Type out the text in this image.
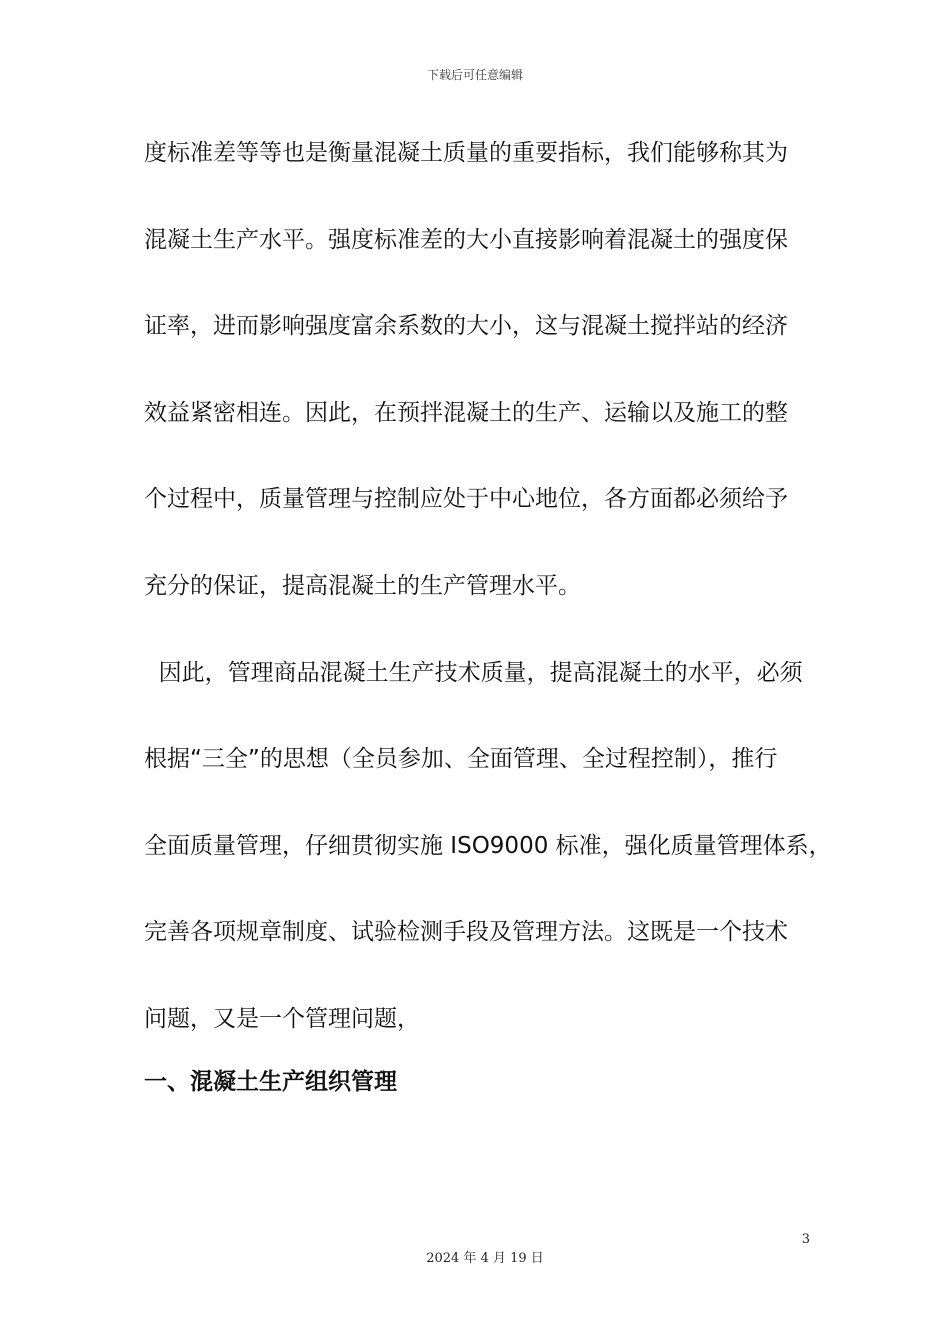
下载后可任意编辑
度标准差等等也是衡量混凝土质量的重要指标，我们能够称其为
混凝土生产水平。强度标准差的大小直接影响着混凝土的强度保
证率，进而影响强度富余系数的大小，这与混凝土搅拌站的经济
效益紧密相连。因此，在预拌混凝土的生产、运输以及施工的整
个过程中，质量管理与控制应处于中心地位，各方面都必须给予
充分的保证，提高混凝土的生产管理水平。
因此，管理商品混凝土生产技术质量，提高混凝土的水平，必须
根据“三全”的思想（全员参加、全面管理、全过程控制），推行
全面质量管理，仔细贯彻实施 ISO9000 标准，强化质量管理体系，
完善各项规章制度、试验检测手段及管理方法。这既是一个技术
问题，又是一个管理问题，
一、混凝土生产组织管理
3
2024 年 4 月 19 日
